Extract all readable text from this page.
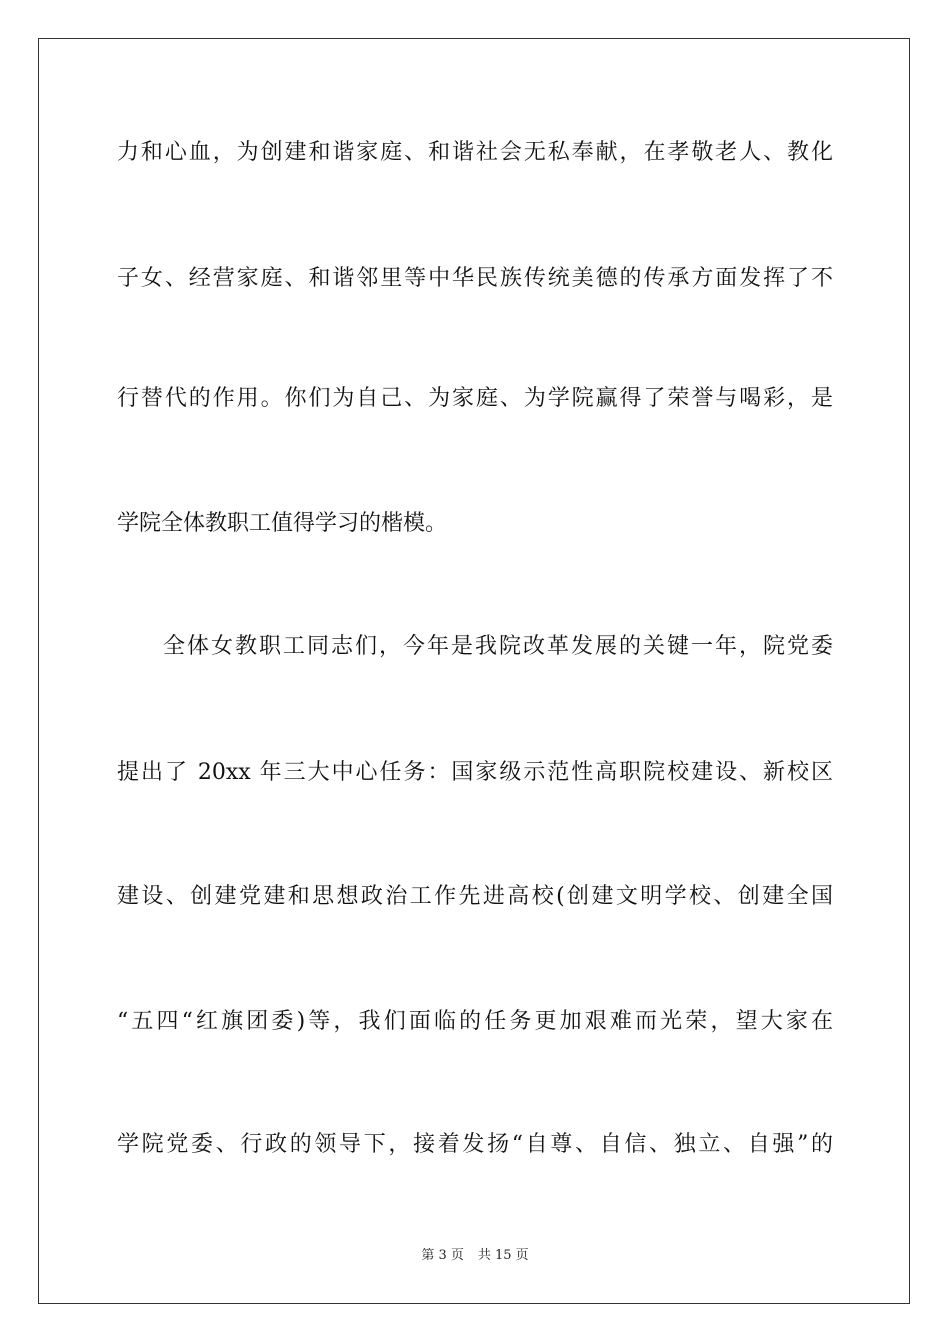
力和心血，为创建和谐家庭、和谐社会无私奉献，在孝敬老人、教化
子女、经营家庭、和谐邻里等中华民族传统美德的传承方面发挥了不
行替代的作用。你们为自己、为家庭、为学院赢得了荣誉与喝彩，是
学院全体教职工值得学习的楷模。
全体女教职工同志们，今年是我院改革发展的关键一年，院党委
提出了 20xx 年三大中心任务：国家级示范性高职院校建设、新校区
建设、创建党建和思想政治工作先进高校(创建文明学校、创建全国
“五四“红旗团委)等，我们面临的任务更加艰难而光荣，望大家在
学院党委、行政的领导下，接着发扬“自尊、自信、独立、自强”的
第 3 页 共 15 页
